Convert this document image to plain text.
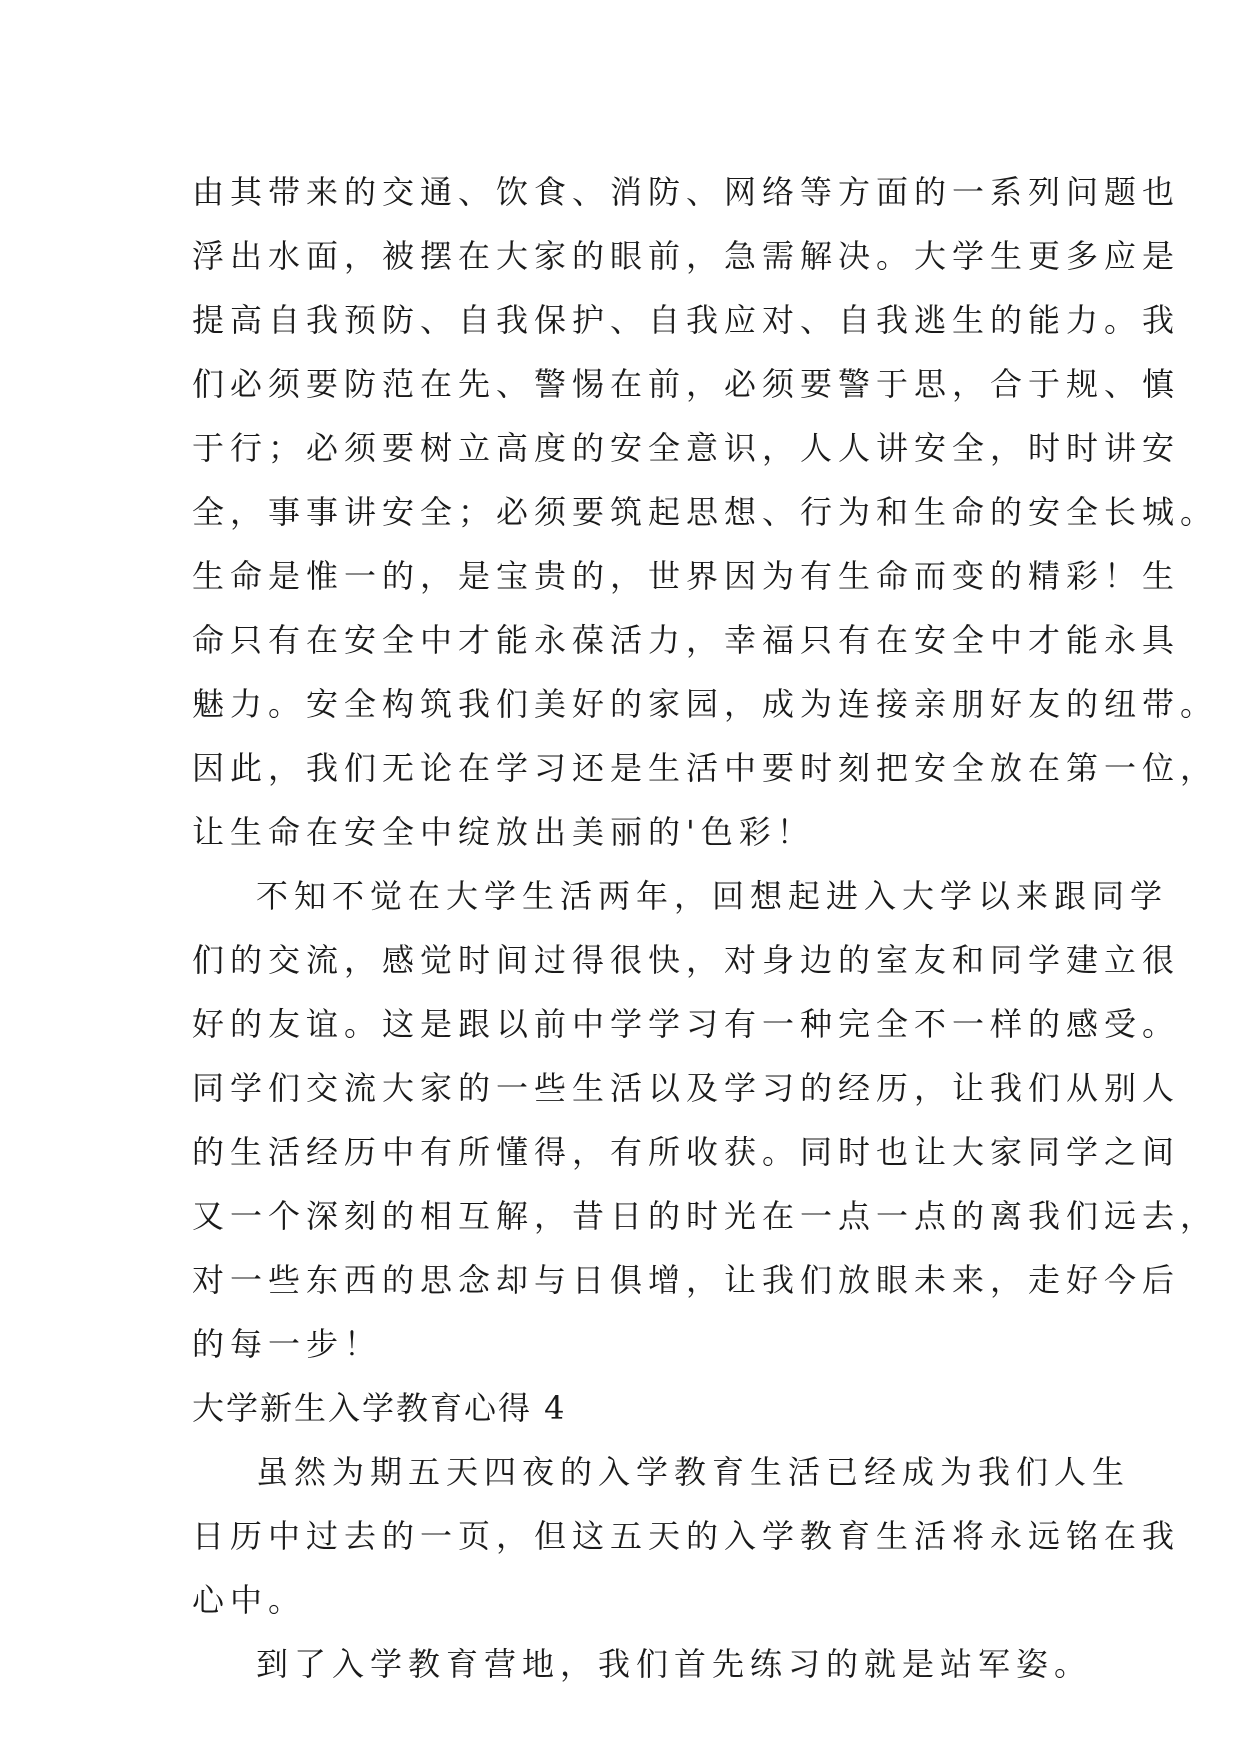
由其带来的交通、饮食、消防、网络等方面的一系列问题也
浮出水面，被摆在大家的眼前，急需解决。大学生更多应是
提高自我预防、自我保护、自我应对、自我逃生的能力。我
们必须要防范在先、警惕在前，必须要警于思，合于规、慎
于行；必须要树立高度的安全意识，人人讲安全，时时讲安
全，事事讲安全；必须要筑起思想、行为和生命的安全长城。
生命是惟一的，是宝贵的，世界因为有生命而变的精彩！生
命只有在安全中才能永葆活力，幸福只有在安全中才能永具
魅力。安全构筑我们美好的家园，成为连接亲朋好友的纽带。
因此，我们无论在学习还是生活中要时刻把安全放在第一位，
让生命在安全中绽放出美丽的'色彩！
不知不觉在大学生活两年，回想起进入大学以来跟同学
们的交流，感觉时间过得很快，对身边的室友和同学建立很
好的友谊。这是跟以前中学学习有一种完全不一样的感受。
同学们交流大家的一些生活以及学习的经历，让我们从别人
的生活经历中有所懂得，有所收获。同时也让大家同学之间
又一个深刻的相互解，昔日的时光在一点一点的离我们远去，
对一些东西的思念却与日俱增，让我们放眼未来，走好今后
的每一步！
大学新生入学教育心得 4
虽然为期五天四夜的入学教育生活已经成为我们人生
日历中过去的一页，但这五天的入学教育生活将永远铭在我
心中。
到了入学教育营地，我们首先练习的就是站军姿。
